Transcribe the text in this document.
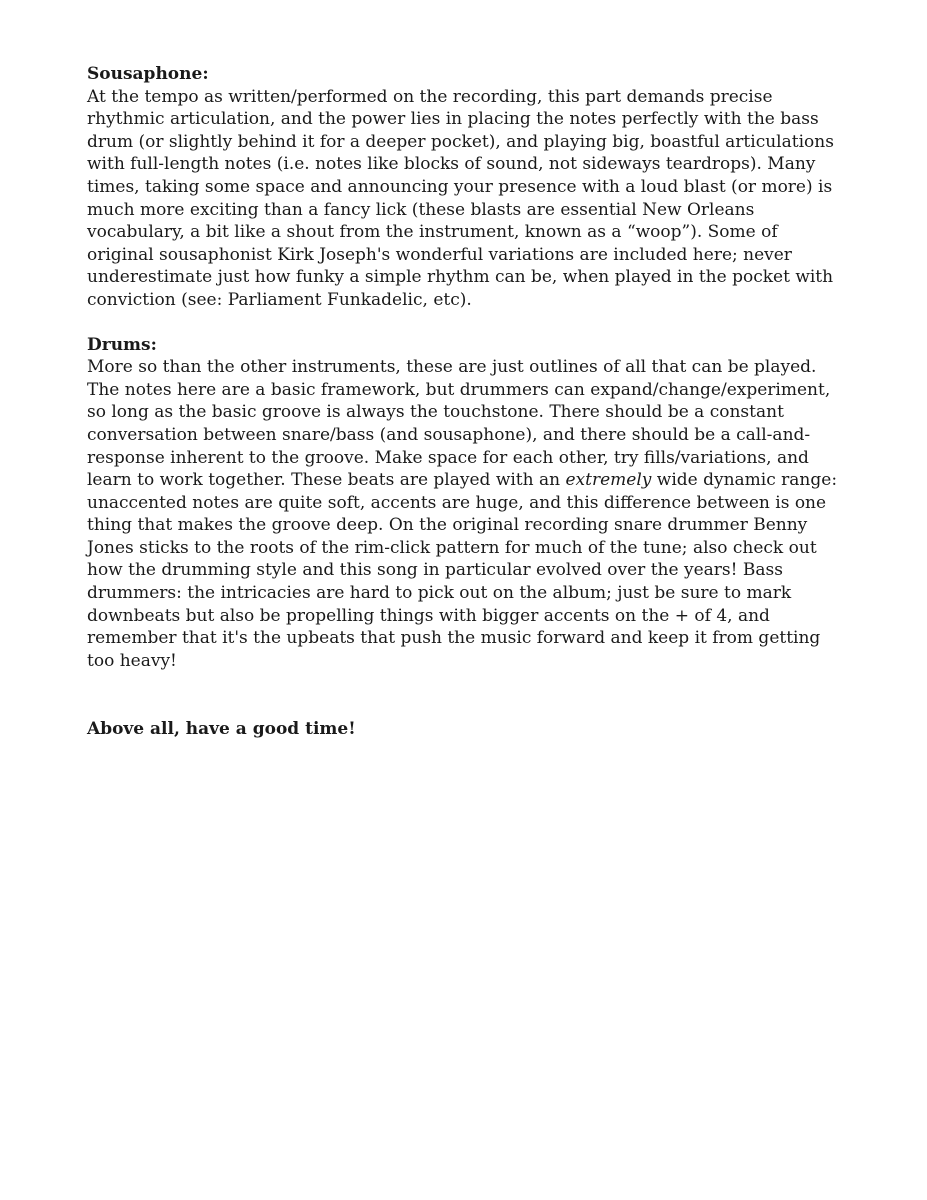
Sousaphone:

At the tempo as written/performed on the recording, this part demands precise rhythmic articulation, and the power lies in placing the notes perfectly with the bass drum (or slightly behind it for a deeper pocket), and playing big, boastful articulations with full-length notes (i.e. notes like blocks of sound, not sideways teardrops). Many times, taking some space and announcing your presence with a loud blast (or more) is much more exciting than a fancy lick (these blasts are essential New Orleans vocabulary, a bit like a shout from the instrument, known as a “woop”). Some of original sousaphonist Kirk Joseph's wonderful variations are included here; never underestimate just how funky a simple rhythm can be, when played in the pocket with conviction (see: Parliament Funkadelic, etc).

Drums:

More so than the other instruments, these are just outlines of all that can be played. The notes here are a basic framework, but drummers can expand/change/experiment, so long as the basic groove is always the touchstone. There should be a constant conversation between snare/bass (and sousaphone), and there should be a call-and-response inherent to the groove. Make space for each other, try fills/variations, and learn to work together. These beats are played with an extremely wide dynamic range: unaccented notes are quite soft, accents are huge, and this difference between is one thing that makes the groove deep. On the original recording snare drummer Benny Jones sticks to the roots of the rim-click pattern for much of the tune; also check out how the drumming style and this song in particular evolved over the years! Bass drummers: the intricacies are hard to pick out on the album; just be sure to mark downbeats but also be propelling things with bigger accents on the + of 4, and remember that it's the upbeats that push the music forward and keep it from getting too heavy!

Above all, have a good time!
